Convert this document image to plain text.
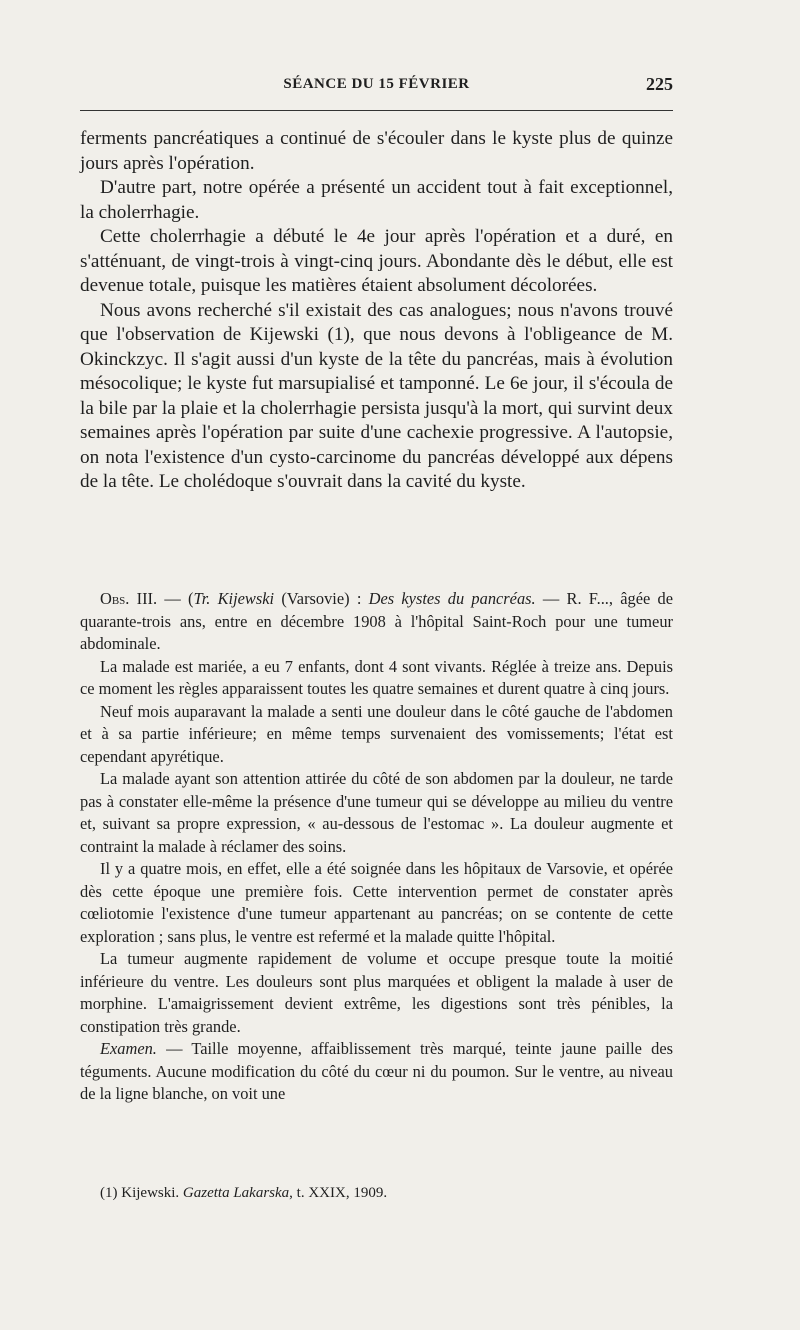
SÉANCE DU 15 FÉVRIER	225

ferments pancréatiques a continué de s'écouler dans le kyste plus de quinze jours après l'opération.

D'autre part, notre opérée a présenté un accident tout à fait exceptionnel, la cholerrhagie.

Cette cholerrhagie a débuté le 4e jour après l'opération et a duré, en s'atténuant, de vingt-trois à vingt-cinq jours. Abondante dès le début, elle est devenue totale, puisque les matières étaient absolument décolorées.

Nous avons recherché s'il existait des cas analogues; nous n'avons trouvé que l'observation de Kijewski (1), que nous devons à l'obligeance de M. Okinckzyc. Il s'agit aussi d'un kyste de la tête du pancréas, mais à évolution mésocolique; le kyste fut marsupialisé et tamponné. Le 6e jour, il s'écoula de la bile par la plaie et la cholerrhagie persista jusqu'à la mort, qui survint deux semaines après l'opération par suite d'une cachexie progressive. A l'autopsie, on nota l'existence d'un cysto-carcinome du pancréas développé aux dépens de la tête. Le cholédoque s'ouvrait dans la cavité du kyste.

Obs. III. — (Tr. Kijewski (Varsovie) : Des kystes du pancréas. — R. F..., âgée de quarante-trois ans, entre en décembre 1908 à l'hôpital Saint-Roch pour une tumeur abdominale.

La malade est mariée, a eu 7 enfants, dont 4 sont vivants. Réglée à treize ans. Depuis ce moment les règles apparaissent toutes les quatre semaines et durent quatre à cinq jours.

Neuf mois auparavant la malade a senti une douleur dans le côté gauche de l'abdomen et à sa partie inférieure; en même temps survenaient des vomissements; l'état est cependant apyrétique.

La malade ayant son attention attirée du côté de son abdomen par la douleur, ne tarde pas à constater elle-même la présence d'une tumeur qui se développe au milieu du ventre et, suivant sa propre expression, « au-dessous de l'estomac ». La douleur augmente et contraint la malade à réclamer des soins.

Il y a quatre mois, en effet, elle a été soignée dans les hôpitaux de Varsovie, et opérée dès cette époque une première fois. Cette intervention permet de constater après cœliotomie l'existence d'une tumeur appartenant au pancréas; on se contente de cette exploration ; sans plus, le ventre est refermé et la malade quitte l'hôpital.

La tumeur augmente rapidement de volume et occupe presque toute la moitié inférieure du ventre. Les douleurs sont plus marquées et obligent la malade à user de morphine. L'amaigrissement devient extrême, les digestions sont très pénibles, la constipation très grande.

Examen. — Taille moyenne, affaiblissement très marqué, teinte jaune paille des téguments. Aucune modification du côté du cœur ni du poumon. Sur le ventre, au niveau de la ligne blanche, on voit une

(1) Kijewski. Gazetta Lakarska, t. XXIX, 1909.
